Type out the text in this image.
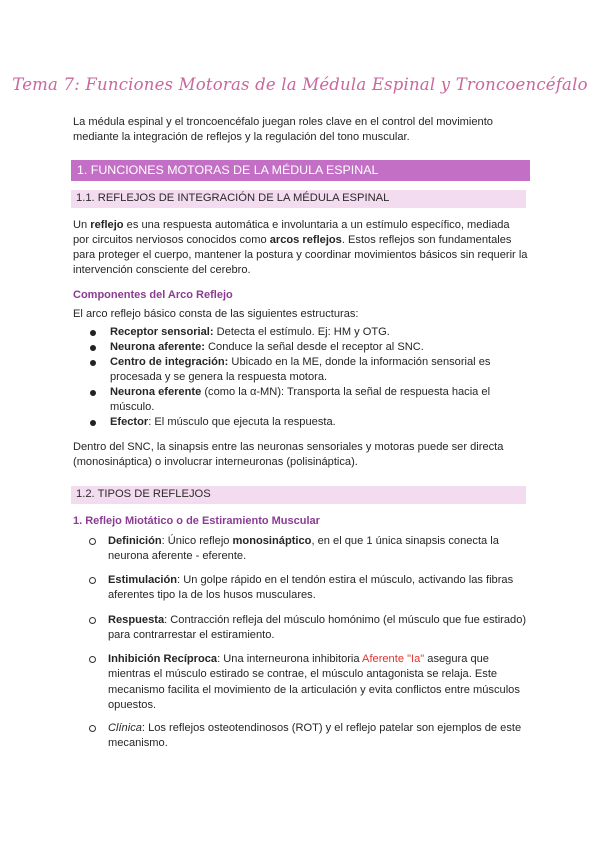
Tema 7: Funciones Motoras de la Médula Espinal y Troncoencéfalo

La médula espinal y el troncoencéfalo juegan roles clave en el control del movimiento

mediante la integración de reflejos y la regulación del tono muscular.

1. FUNCIONES MOTORAS DE LA MÉDULA ESPINAL
1.1. REFLEJOS DE INTEGRACIÓN DE LA MÉDULA ESPINAL

Un reflejo es una respuesta automática e involuntaria a un estímulo específico, mediada

por circuitos nerviosos conocidos como arcos reflejos. Estos reflejos son fundamentales

para proteger el cuerpo, mantener la postura y coordinar movimientos básicos sin requerir la

intervención consciente del cerebro.

Componentes del Arco Reflejo

El arco reflejo básico consta de las siguientes estructuras:

Receptor sensorial: Detecta el estímulo. Ej: HM y OTG.
Neurona aferente: Conduce la señal desde el receptor al SNC.
Centro de integración: Ubicado en la ME, donde la información sensorial es
procesada y se genera la respuesta motora.
Neurona eferente (como la α-MN): Transporta la señal de respuesta hacia el
músculo.
Efector: El músculo que ejecuta la respuesta.

Dentro del SNC, la sinapsis entre las neuronas sensoriales y motoras puede ser directa

(monosináptica) o involucrar interneuronas (polisináptica).

1.2. TIPOS DE REFLEJOS
1. Reflejo Miotático o de Estiramiento Muscular
Definición: Único reflejo monosináptico, en el que 1 única sinapsis conecta la
neurona aferente - eferente.
Estimulación: Un golpe rápido en el tendón estira el músculo, activando las fibras
aferentes tipo Ia de los husos musculares.
Respuesta: Contracción refleja del músculo homónimo (el músculo que fue estirado)
para contrarrestar el estiramiento.
Inhibición Recíproca: Una interneurona inhibitoria Aferente "Ia" asegura que
mientras el músculo estirado se contrae, el músculo antagonista se relaja. Este
mecanismo facilita el movimiento de la articulación y evita conflictos entre músculos
opuestos.
Clínica: Los reflejos osteotendinosos (ROT) y el reflejo patelar son ejemplos de este
mecanismo.
